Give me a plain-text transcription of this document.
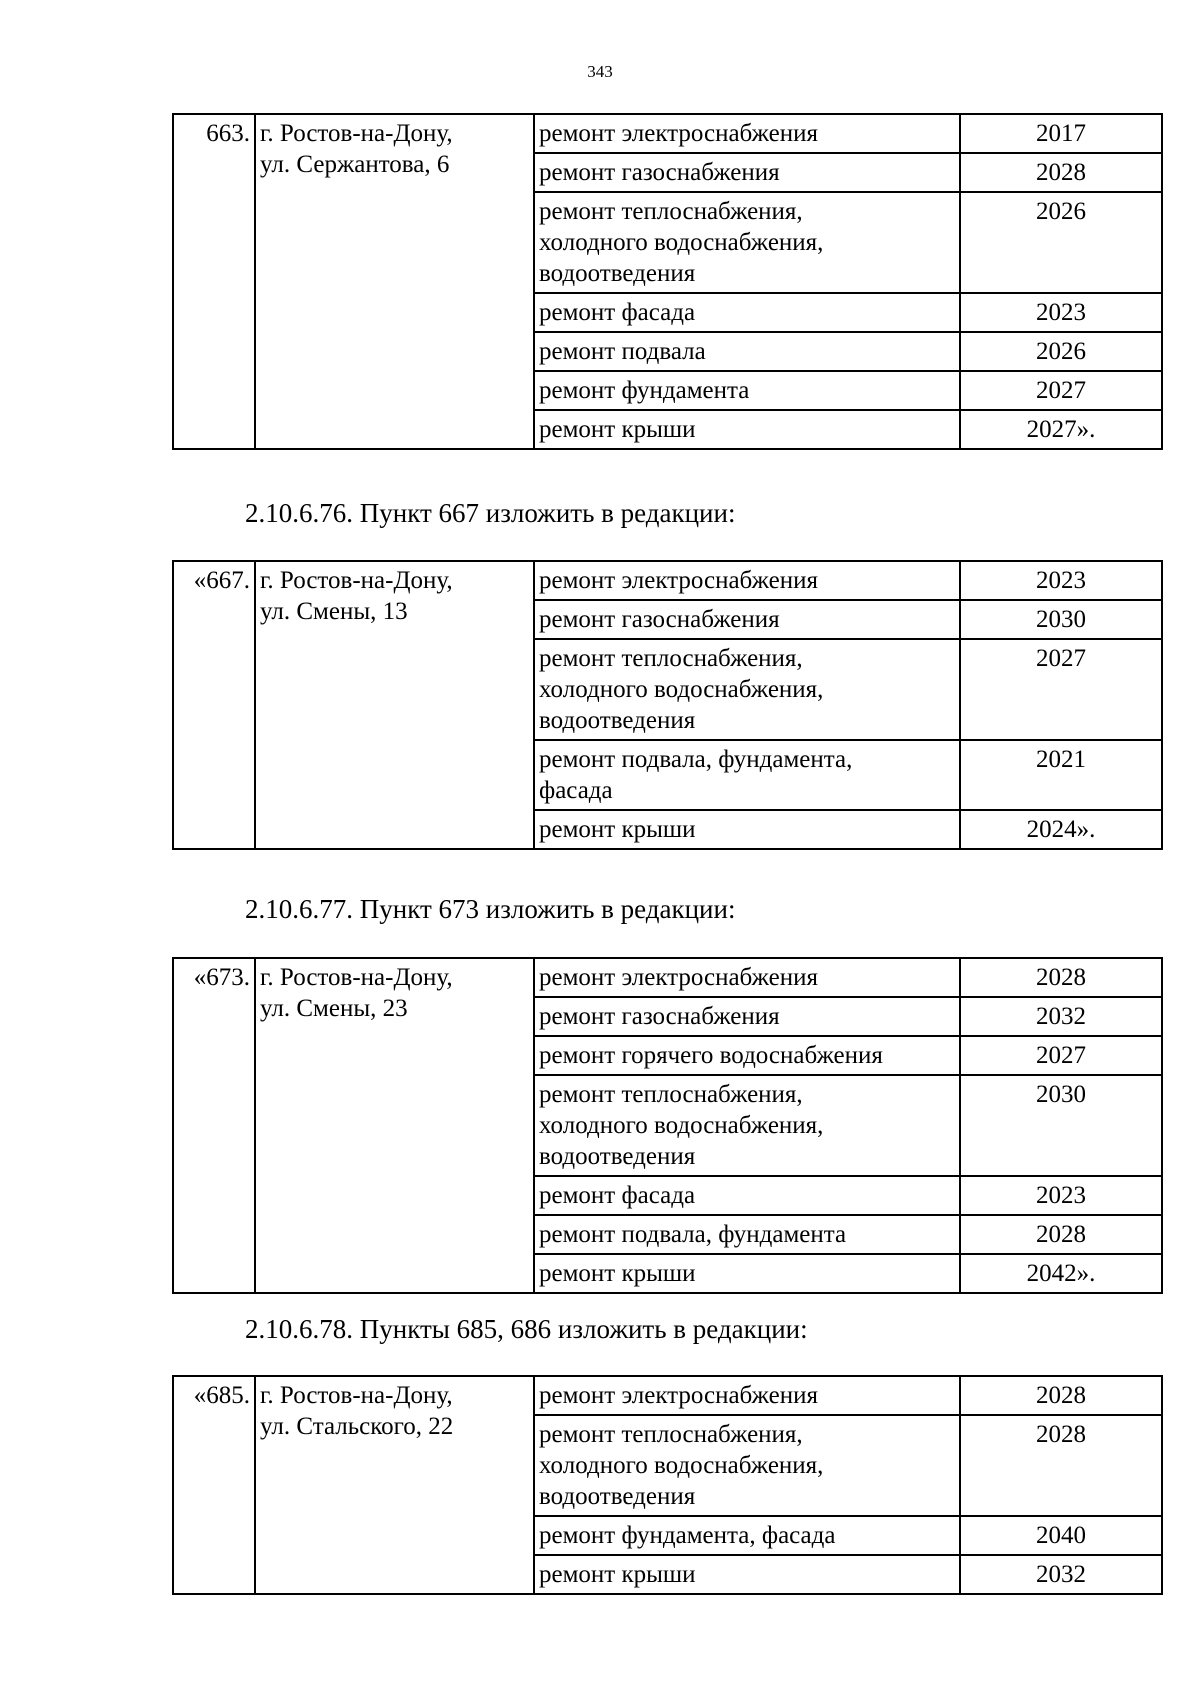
343
663.	г. Ростов-на-Дону,
ул. Сержантова, 6	ремонт электроснабжения	2017
		ремонт газоснабжения	2028
		ремонт теплоснабжения,
холодного водоснабжения,
водоотведения	2026
		ремонт фасада	2023
		ремонт подвала	2026
		ремонт фундамента	2027
		ремонт крыши	2027».
2.10.6.76. Пункт 667 изложить в редакции:
«667.	г. Ростов-на-Дону,
ул. Смены, 13	ремонт электроснабжения	2023
		ремонт газоснабжения	2030
		ремонт теплоснабжения,
холодного водоснабжения,
водоотведения	2027
		ремонт подвала, фундамента,
фасада	2021
		ремонт крыши	2024».
2.10.6.77. Пункт 673 изложить в редакции:
«673.	г. Ростов-на-Дону,
ул. Смены, 23	ремонт электроснабжения	2028
		ремонт газоснабжения	2032
		ремонт горячего водоснабжения	2027
		ремонт теплоснабжения,
холодного водоснабжения,
водоотведения	2030
		ремонт фасада	2023
		ремонт подвала, фундамента	2028
		ремонт крыши	2042».
2.10.6.78. Пункты 685, 686 изложить в редакции:
«685.	г. Ростов-на-Дону,
ул. Стальского, 22	ремонт электроснабжения	2028
		ремонт теплоснабжения,
холодного водоснабжения,
водоотведения	2028
		ремонт фундамента, фасада	2040
		ремонт крыши	2032
